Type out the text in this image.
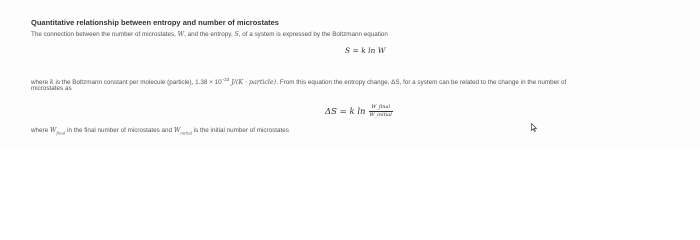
Quantitative relationship between entropy and number of microstates
The connection between the number of microstates, W, and the entropy, S, of a system is expressed by the Boltzmann equation
S = k ln W
where k is the Boltzmann constant per molecule (particle), $1.38 \times 10^{-23}$ J/(K · particle). From this equation the entropy change, ΔS, for a system can be related to the change in the number of
microstates as
ΔS = k $\ln \frac{\text{W\_final}}{\text{W\_initial}}$
where $W_{final}$ in the final number of microstates and $W_{initial}$ is the initial number of microstates
